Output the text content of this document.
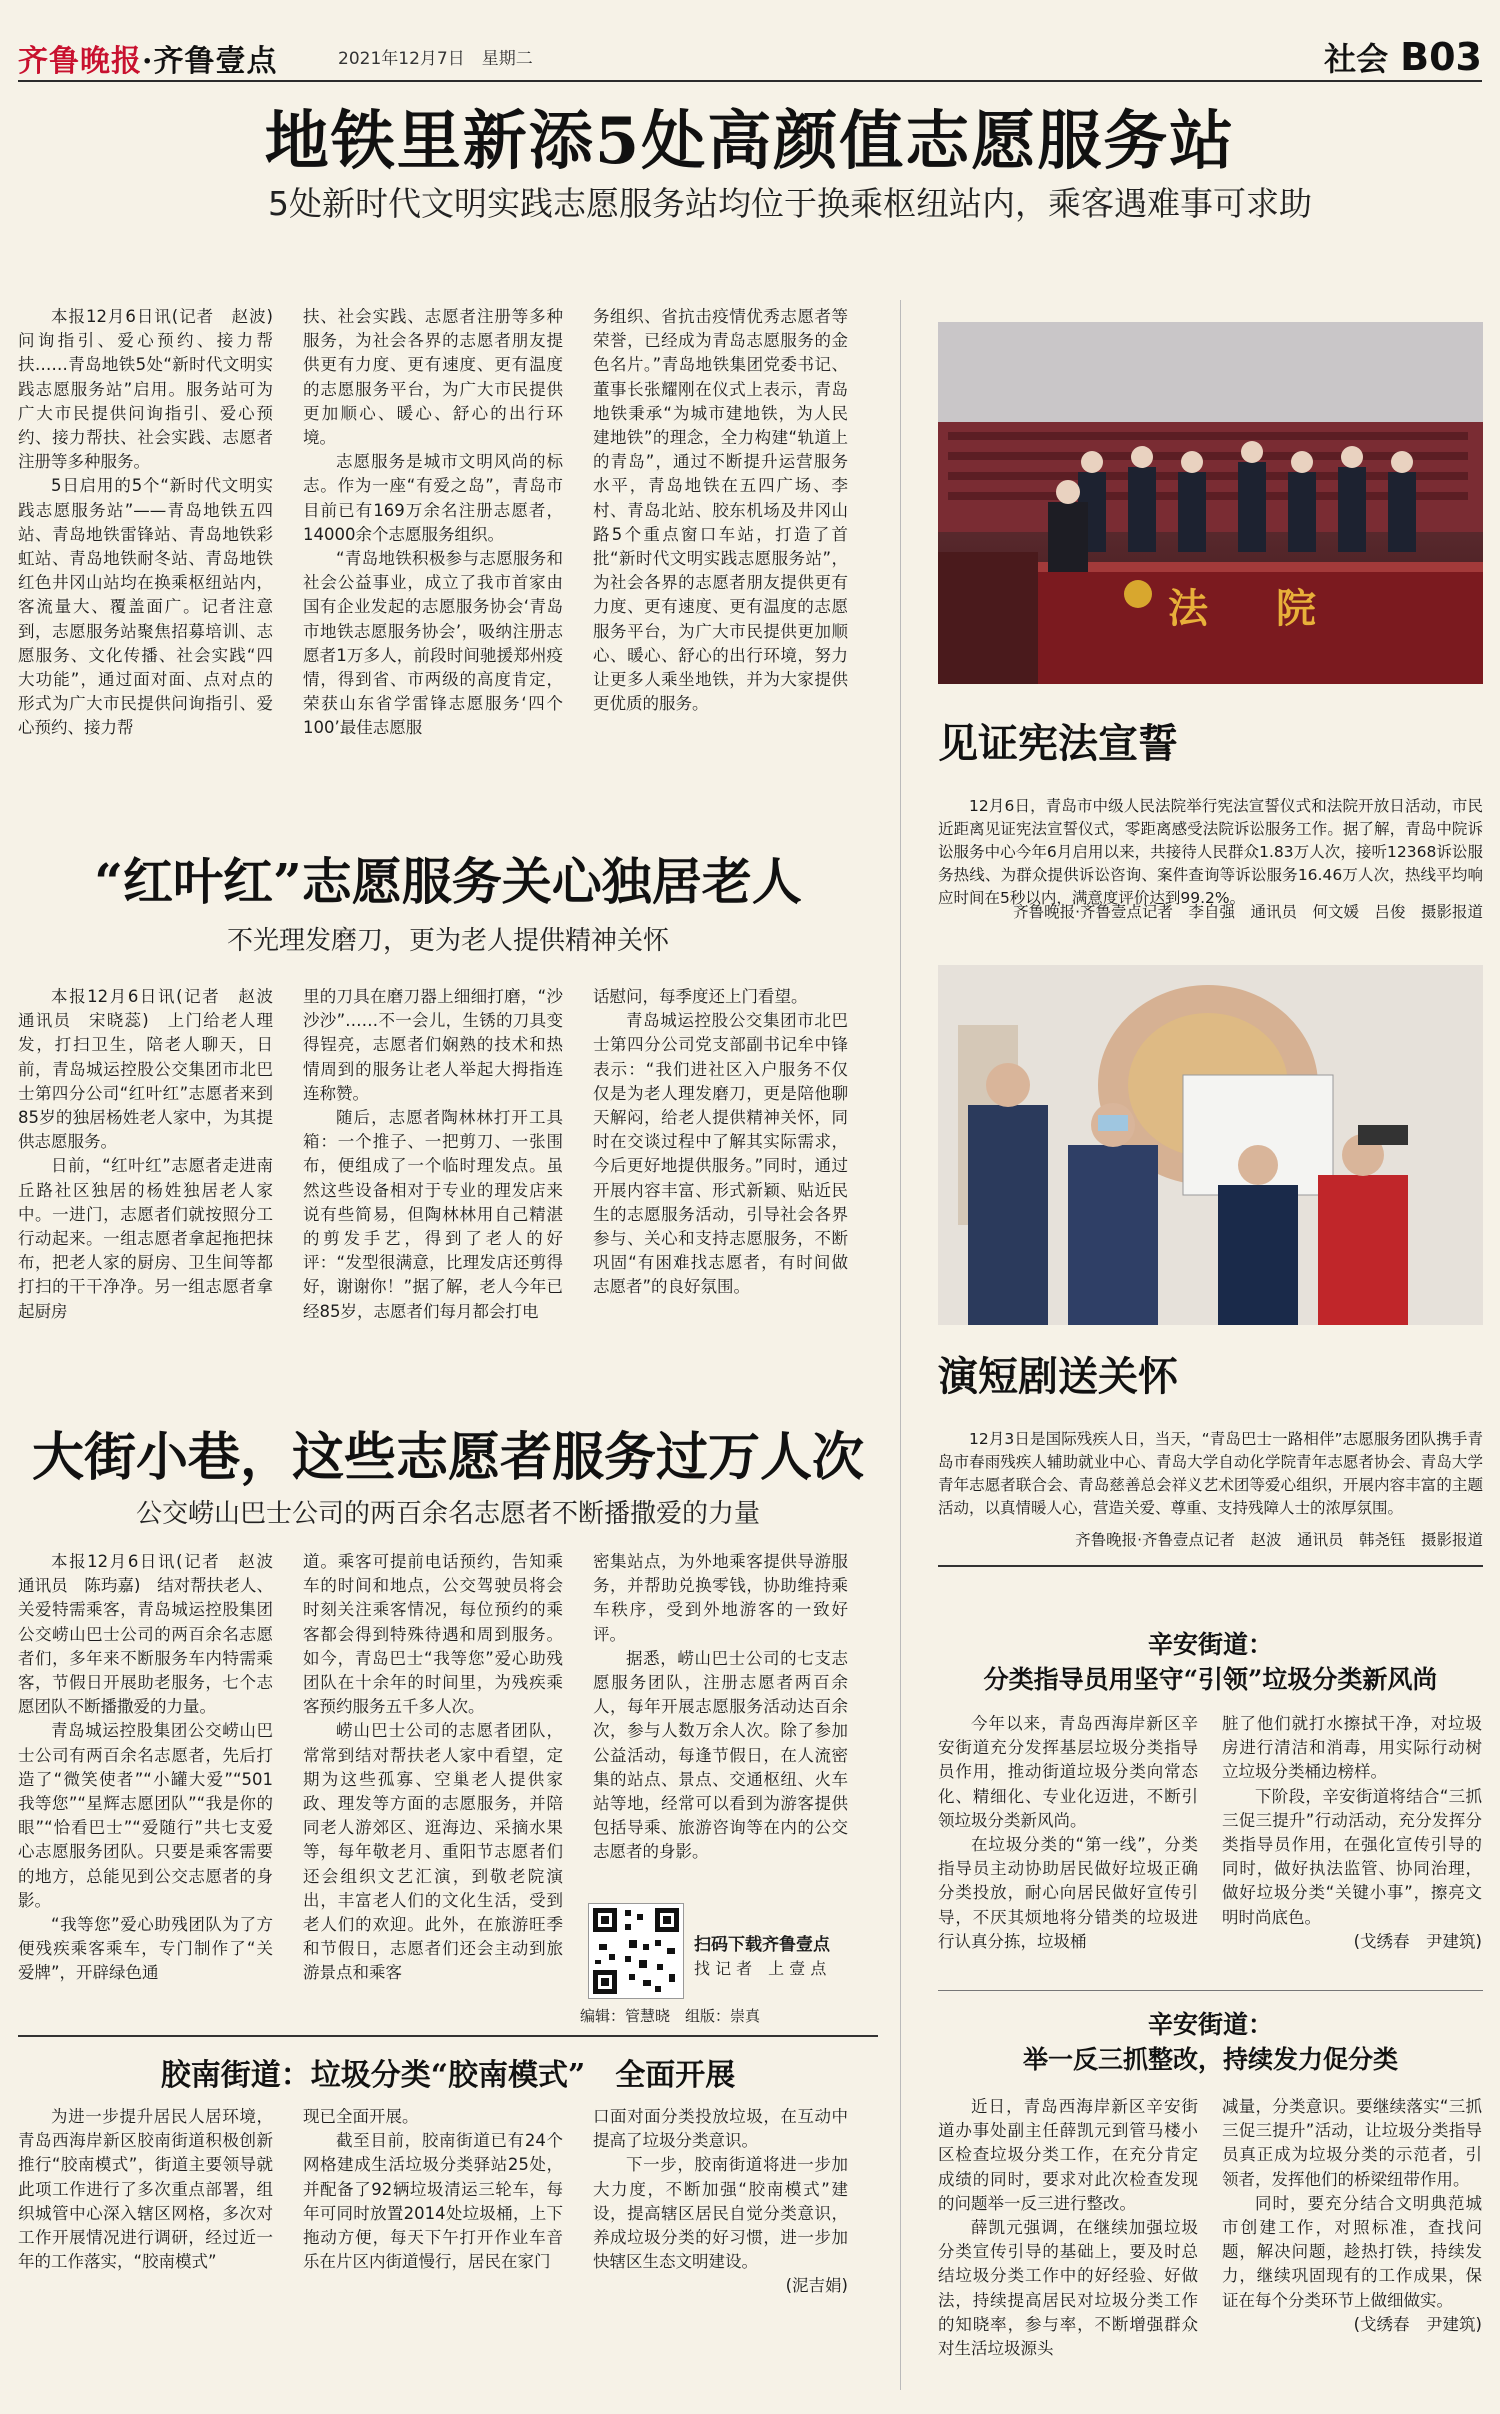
齐鲁晚报·齐鲁壹点	2021年12月7日　星期二	社会 B03
地铁里新添5处高颜值志愿服务站
5处新时代文明实践志愿服务站均位于换乘枢纽站内，乘客遇难事可求助

本报12月6日讯(记者　赵波)　问询指引、爱心预约、接力帮扶……青岛地铁5处“新时代文明实践志愿服务站”启用。服务站可为广大市民提供问询指引、爱心预约、接力帮扶、社会实践、志愿者注册等多种服务。

5日启用的5个“新时代文明实践志愿服务站”——青岛地铁五四站、青岛地铁雷锋站、青岛地铁彩虹站、青岛地铁耐冬站、青岛地铁红色井冈山站均在换乘枢纽站内，客流量大、覆盖面广。记者注意到，志愿服务站聚焦招募培训、志愿服务、文化传播、社会实践“四大功能”，通过面对面、点对点的形式为广大市民提供问询指引、爱心预约、接力帮

扶、社会实践、志愿者注册等多种服务，为社会各界的志愿者朋友提供更有力度、更有速度、更有温度的志愿服务平台，为广大市民提供更加顺心、暖心、舒心的出行环境。

志愿服务是城市文明风尚的标志。作为一座“有爱之岛”，青岛市目前已有169万余名注册志愿者，14000余个志愿服务组织。

“青岛地铁积极参与志愿服务和社会公益事业，成立了我市首家由国有企业发起的志愿服务协会‘青岛市地铁志愿服务协会’，吸纳注册志愿者1万多人，前段时间驰援郑州疫情，得到省、市两级的高度肯定，荣获山东省学雷锋志愿服务‘四个100’最佳志愿服

务组织、省抗击疫情优秀志愿者等荣誉，已经成为青岛志愿服务的金色名片。”青岛地铁集团党委书记、董事长张耀刚在仪式上表示，青岛地铁秉承“为城市建地铁，为人民建地铁”的理念，全力构建“轨道上的青岛”，通过不断提升运营服务水平，青岛地铁在五四广场、李村、青岛北站、胶东机场及井冈山路5个重点窗口车站，打造了首批“新时代文明实践志愿服务站”，为社会各界的志愿者朋友提供更有力度、更有速度、更有温度的志愿服务平台，为广大市民提供更加顺心、暖心、舒心的出行环境，努力让更多人乘坐地铁，并为大家提供更优质的服务。

法　院
见证宪法宣誓

12月6日，青岛市中级人民法院举行宪法宣誓仪式和法院开放日活动，市民近距离见证宪法宣誓仪式，零距离感受法院诉讼服务工作。据了解，青岛中院诉讼服务中心今年6月启用以来，共接待人民群众1.83万人次，接听12368诉讼服务热线、为群众提供诉讼咨询、案件查询等诉讼服务16.46万人次，热线平均响应时间在5秒以内，满意度评价达到99.2%。

齐鲁晚报·齐鲁壹点记者　李自强　通讯员　何文媛　吕俊　摄影报道
“红叶红”志愿服务关心独居老人
不光理发磨刀，更为老人提供精神关怀

本报12月6日讯(记者　赵波　通讯员　宋晓蕊)　上门给老人理发，打扫卫生，陪老人聊天，日前，青岛城运控股公交集团市北巴士第四分公司“红叶红”志愿者来到85岁的独居杨姓老人家中，为其提供志愿服务。

日前，“红叶红”志愿者走进南丘路社区独居的杨姓独居老人家中。一进门，志愿者们就按照分工行动起来。一组志愿者拿起拖把抹布，把老人家的厨房、卫生间等都打扫的干干净净。另一组志愿者拿起厨房

里的刀具在磨刀器上细细打磨，“沙沙沙”……不一会儿，生锈的刀具变得锃亮，志愿者们娴熟的技术和热情周到的服务让老人举起大拇指连连称赞。

随后，志愿者陶林林打开工具箱：一个推子、一把剪刀、一张围布，便组成了一个临时理发点。虽然这些设备相对于专业的理发店来说有些简易，但陶林林用自己精湛的剪发手艺，得到了老人的好评：“发型很满意，比理发店还剪得好，谢谢你！”据了解，老人今年已经85岁，志愿者们每月都会打电

话慰问，每季度还上门看望。

青岛城运控股公交集团市北巴士第四分公司党支部副书记牟中锋表示：“我们进社区入户服务不仅仅是为老人理发磨刀，更是陪他聊天解闷，给老人提供精神关怀，同时在交谈过程中了解其实际需求，今后更好地提供服务。”同时，通过开展内容丰富、形式新颖、贴近民生的志愿服务活动，引导社会各界参与、关心和支持志愿服务，不断巩固“有困难找志愿者，有时间做志愿者”的良好氛围。

演短剧送关怀

12月3日是国际残疾人日，当天，“青岛巴士一路相伴”志愿服务团队携手青岛市春雨残疾人辅助就业中心、青岛大学自动化学院青年志愿者协会、青岛大学青年志愿者联合会、青岛慈善总会祥义艺术团等爱心组织，开展内容丰富的主题活动，以真情暖人心，营造关爱、尊重、支持残障人士的浓厚氛围。

齐鲁晚报·齐鲁壹点记者　赵波　通讯员　韩尧钰　摄影报道
大街小巷，这些志愿者服务过万人次
公交崂山巴士公司的两百余名志愿者不断播撒爱的力量

本报12月6日讯(记者　赵波　通讯员　陈玙嘉)　结对帮扶老人、关爱特需乘客，青岛城运控股集团公交崂山巴士公司的两百余名志愿者们，多年来不断服务车内特需乘客，节假日开展助老服务，七个志愿团队不断播撒爱的力量。

青岛城运控股集团公交崂山巴士公司有两百余名志愿者，先后打造了“微笑使者”“小罐大爱”“501我等您”“星辉志愿团队”“我是你的眼”“恰看巴士”“爱随行”共七支爱心志愿服务团队。只要是乘客需要的地方，总能见到公交志愿者的身影。

“我等您”爱心助残团队为了方便残疾乘客乘车，专门制作了“关爱牌”，开辟绿色通

道。乘客可提前电话预约，告知乘车的时间和地点，公交驾驶员将会时刻关注乘客情况，每位预约的乘客都会得到特殊待遇和周到服务。如今，青岛巴士“我等您”爱心助残团队在十余年的时间里，为残疾乘客预约服务五千多人次。

崂山巴士公司的志愿者团队，常常到结对帮扶老人家中看望，定期为这些孤寡、空巢老人提供家政、理发等方面的志愿服务，并陪同老人游郊区、逛海边、采摘水果等，每年敬老月、重阳节志愿者们还会组织文艺汇演，到敬老院演出，丰富老人们的文化生活，受到老人们的欢迎。此外，在旅游旺季和节假日，志愿者们还会主动到旅游景点和乘客

密集站点，为外地乘客提供导游服务，并帮助兑换零钱，协助维持乘车秩序，受到外地游客的一致好评。

据悉，崂山巴士公司的七支志愿服务团队，注册志愿者两百余人，每年开展志愿服务活动达百余次，参与人数万余人次。除了参加公益活动，每逢节假日，在人流密集的站点、景点、交通枢纽、火车站等地，经常可以看到为游客提供包括导乘、旅游咨询等在内的公交志愿者的身影。

扫码下载齐鲁壹点
找 记 者　上 壹 点
编辑：管慧晓　组版：崇真
胶南街道：垃圾分类“胶南模式”　全面开展

为进一步提升居民人居环境，青岛西海岸新区胶南街道积极创新推行“胶南模式”，街道主要领导就此项工作进行了多次重点部署，组织城管中心深入辖区网格，多次对工作开展情况进行调研，经过近一年的工作落实，“胶南模式”

现已全面开展。

截至目前，胶南街道已有24个网格建成生活垃圾分类驿站25处，并配备了92辆垃圾清运三轮车，每年可同时放置2014处垃圾桶，上下拖动方便，每天下午打开作业车音乐在片区内街道慢行，居民在家门

口面对面分类投放垃圾，在互动中提高了垃圾分类意识。

下一步，胶南街道将进一步加大力度，不断加强“胶南模式”建设，提高辖区居民自觉分类意识，养成垃圾分类的好习惯，进一步加快辖区生态文明建设。

(泥吉娟)
辛安街道：
分类指导员用坚守“引领”垃圾分类新风尚

今年以来，青岛西海岸新区辛安街道充分发挥基层垃圾分类指导员作用，推动街道垃圾分类向常态化、精细化、专业化迈进，不断引领垃圾分类新风尚。

在垃圾分类的“第一线”，分类指导员主动协助居民做好垃圾正确分类投放，耐心向居民做好宣传引导，不厌其烦地将分错类的垃圾进行认真分拣，垃圾桶

脏了他们就打水擦拭干净，对垃圾房进行清洁和消毒，用实际行动树立垃圾分类桶边榜样。

下阶段，辛安街道将结合“三抓三促三提升”行动活动，充分发挥分类指导员作用，在强化宣传引导的同时，做好执法监管、协同治理，做好垃圾分类“关键小事”，擦亮文明时尚底色。

(戈绣春　尹建筑)
辛安街道：
举一反三抓整改，持续发力促分类

近日，青岛西海岸新区辛安街道办事处副主任薛凯元到管马楼小区检查垃圾分类工作，在充分肯定成绩的同时，要求对此次检查发现的问题举一反三进行整改。

薛凯元强调，在继续加强垃圾分类宣传引导的基础上，要及时总结垃圾分类工作中的好经验、好做法，持续提高居民对垃圾分类工作的知晓率，参与率，不断增强群众对生活垃圾源头

减量，分类意识。要继续落实“三抓三促三提升”活动，让垃圾分类指导员真正成为垃圾分类的示范者，引领者，发挥他们的桥梁纽带作用。

同时，要充分结合文明典范城市创建工作，对照标准，查找问题，解决问题，趁热打铁，持续发力，继续巩固现有的工作成果，保证在每个分类环节上做细做实。

(戈绣春　尹建筑)
